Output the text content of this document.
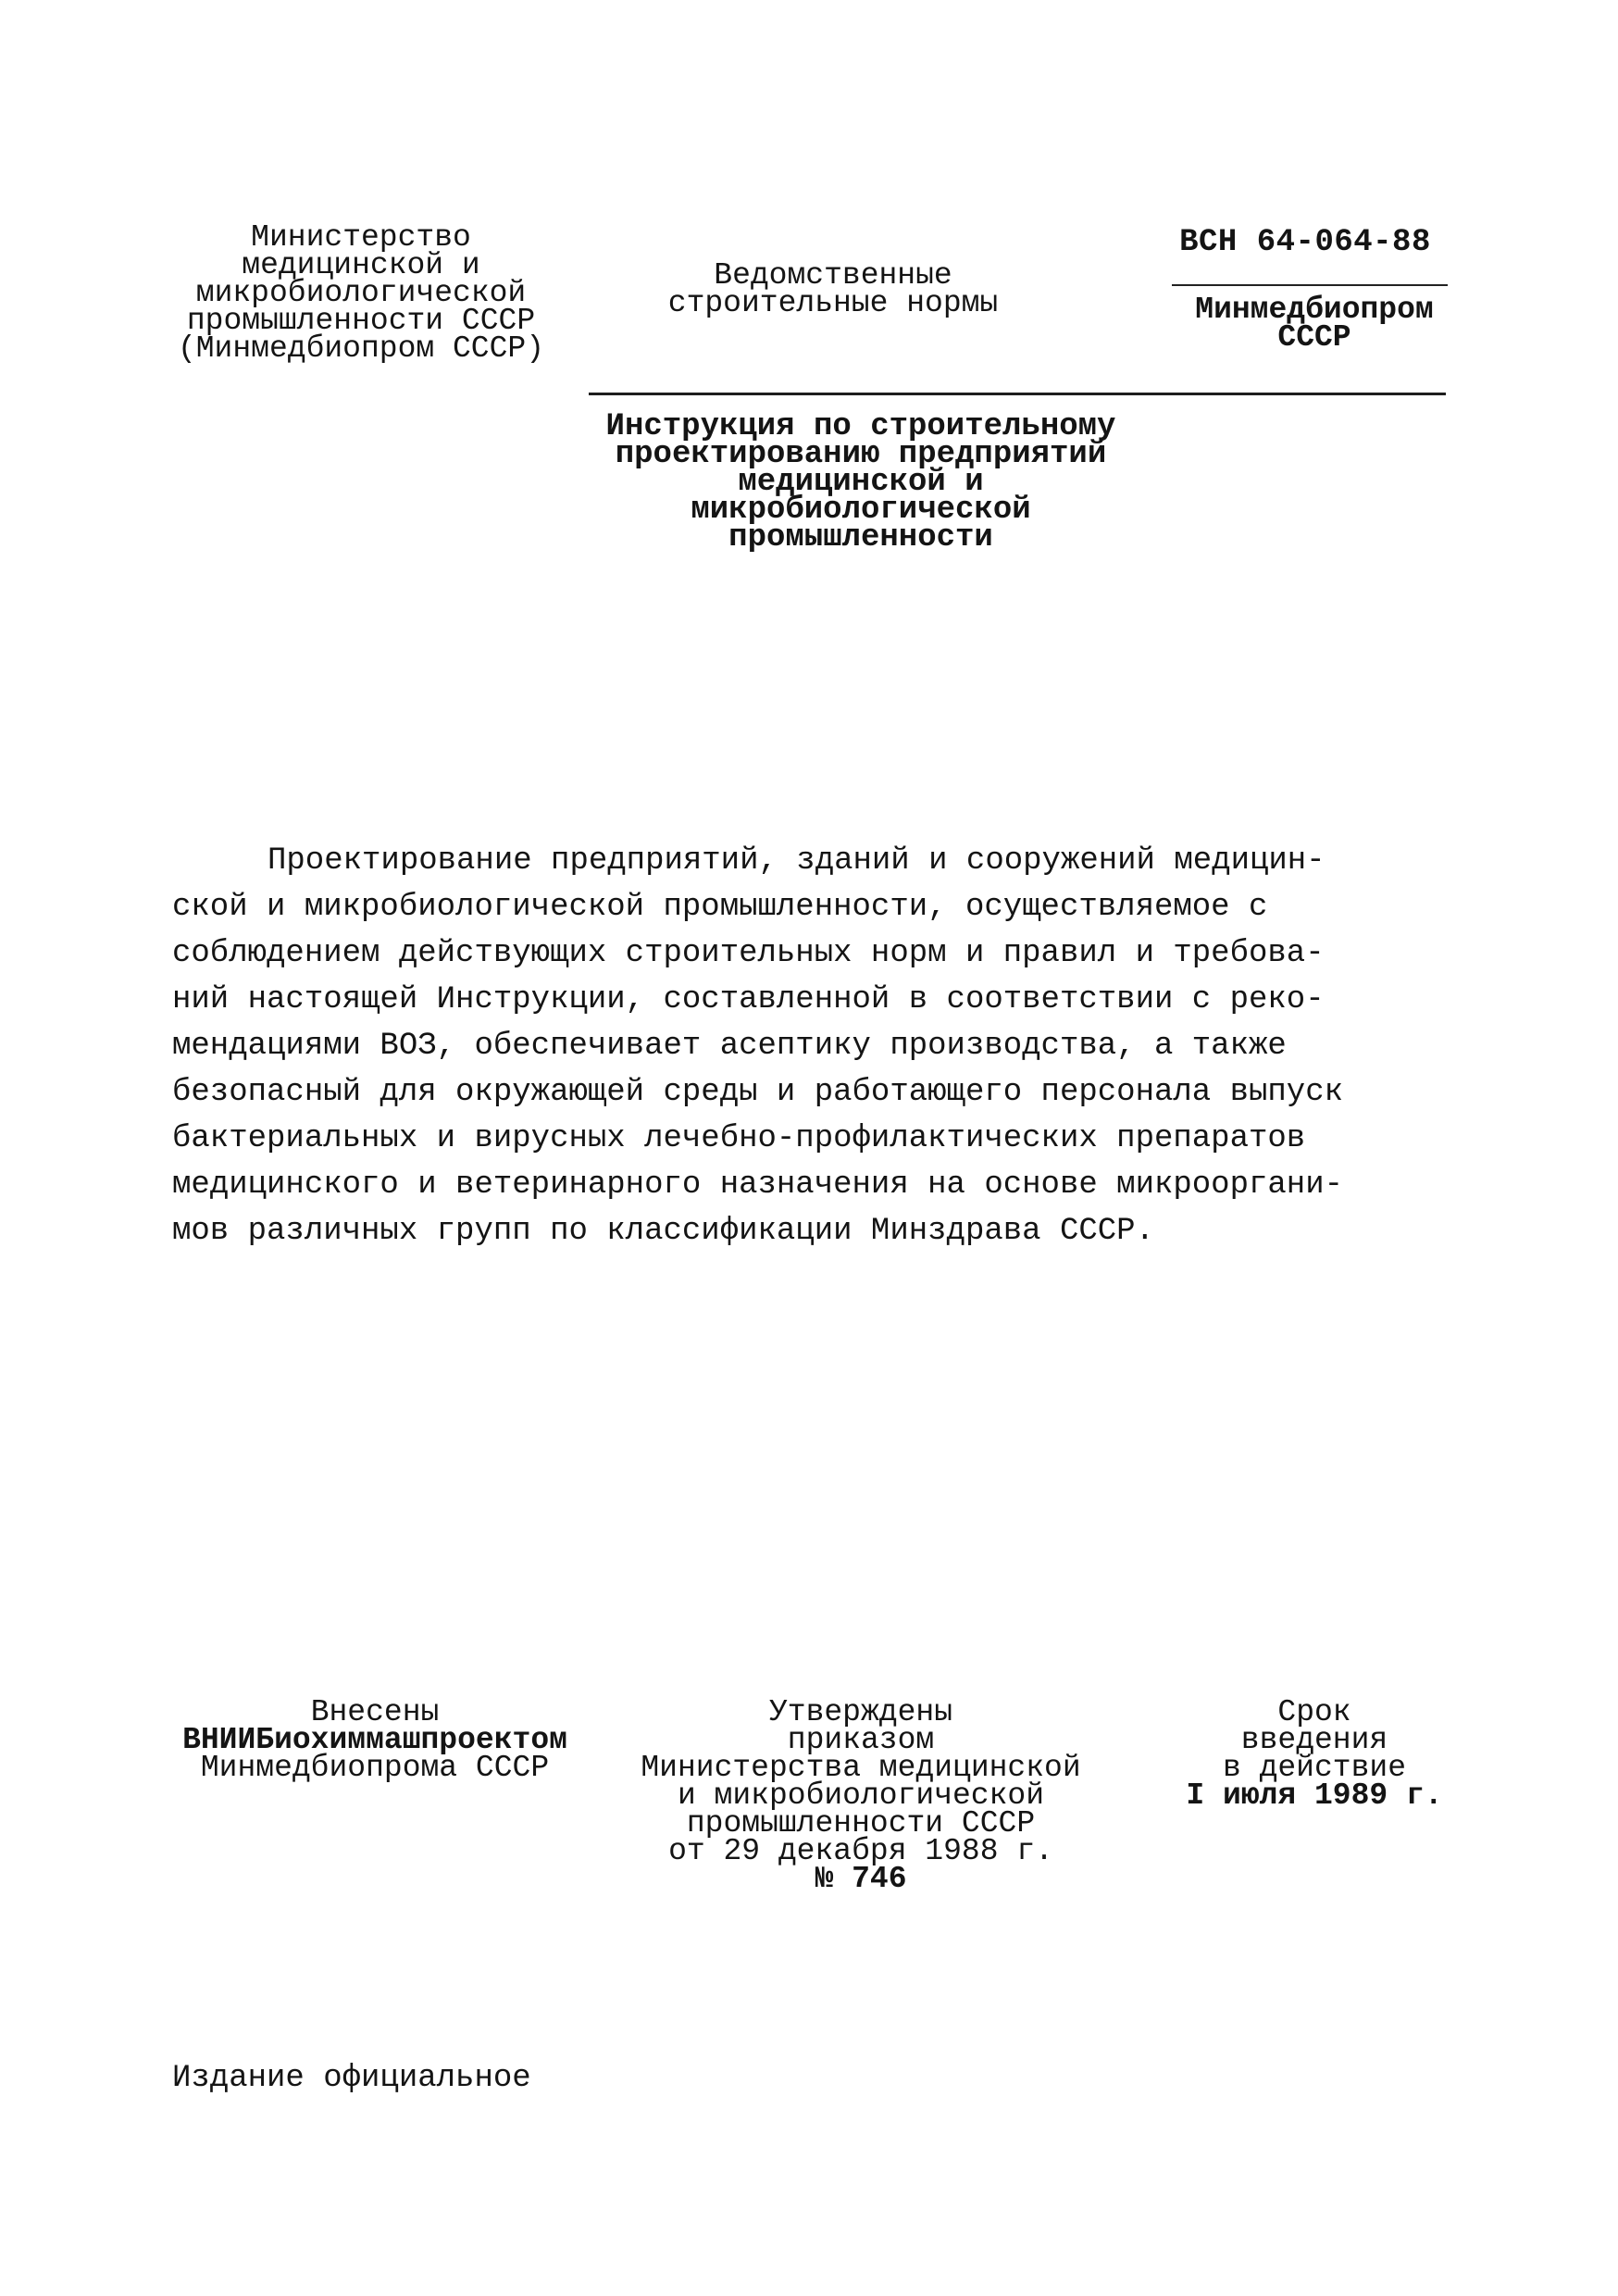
Министерство
медицинской и
микробиологической
промышленности СССР
(Минмедбиопром СССР)
Ведомственные
строительные нормы
ВСН 64-064-88
Минмедбиопром
СССР
Инструкция по строительному
проектированию предприятий
медицинской и
микробиологической
промышленности
Проектирование предприятий, зданий и сооружений медицин-
ской и микробиологической промышленности, осуществляемое с
соблюдением действующих строительных норм и правил и требова-
ний настоящей Инструкции, составленной в соответствии с реко-
мендациями ВОЗ, обеспечивает асептику производства, а также
безопасный для окружающей среды и работающего персонала выпуск
бактериальных и вирусных лечебно-профилактических препаратов
медицинского и ветеринарного назначения на основе микрооргани-
мов различных групп по классификации Минздрава СССР.
Внесены
ВНИИБиохиммашпроектом
Минмедбиопрома СССР
Утверждены
приказом
Министерства медицинской
и микробиологической
промышленности СССР
от 29 декабря 1988 г.
№ 746
Срок
введения
в действие
I июля 1989 г.
Издание официальное
